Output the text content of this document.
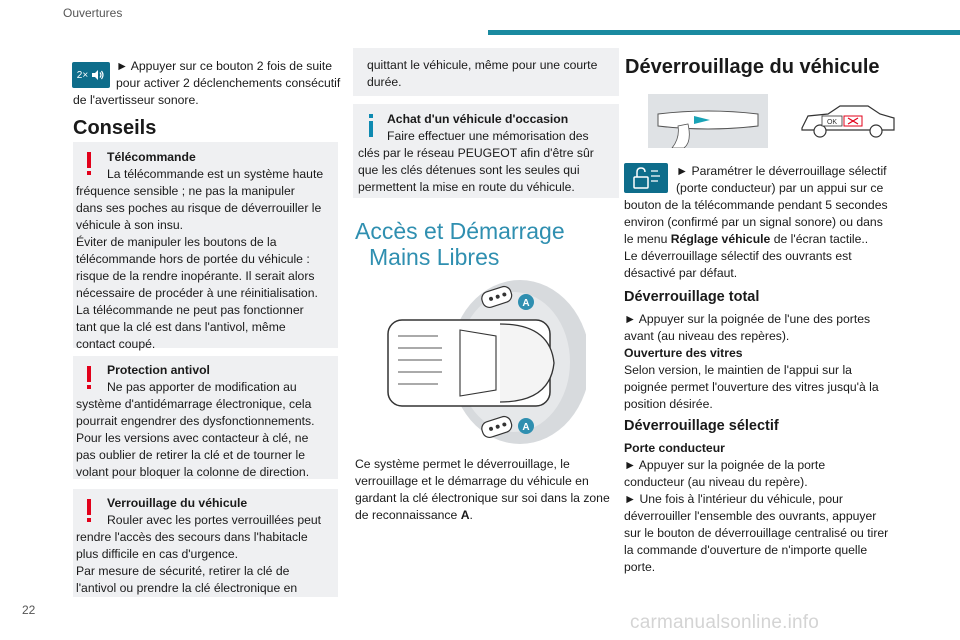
Ouvertures
2×
► Appuyer sur ce bouton 2 fois de suite
pour activer 2 déclenchements consécutif
de l'avertisseur sonore.
Conseils
Télécommande
La télécommande est un système haute
fréquence sensible ; ne pas la manipuler
dans ses poches au risque de déverrouiller le
véhicule à son insu.
Éviter de manipuler les boutons de la
télécommande hors de portée du véhicule :
risque de la rendre inopérante. Il serait alors
nécessaire de procéder à une réinitialisation.
La télécommande ne peut pas fonctionner
tant que la clé est dans l'antivol, même
contact coupé.
Protection antivol
Ne pas apporter de modification au
système d'antidémarrage électronique, cela
pourrait engendrer des dysfonctionnements.
Pour les versions avec contacteur à clé, ne
pas oublier de retirer la clé et de tourner le
volant pour bloquer la colonne de direction.
Verrouillage du véhicule
Rouler avec les portes verrouillées peut
rendre l'accès des secours dans l'habitacle
plus difficile en cas d'urgence.
Par mesure de sécurité, retirer la clé de
l'antivol ou prendre la clé électronique en
quittant le véhicule, même pour une courte
durée.
Achat d'un véhicule d'occasion
Faire effectuer une mémorisation des
clés par le réseau PEUGEOT afin d'être sûr
que les clés détenues sont les seules qui
permettent la mise en route du véhicule.
Accès et Démarrage
Mains Libres
A
A
Ce système permet le déverrouillage, le
verrouillage et le démarrage du véhicule en
gardant la clé électronique sur soi dans la zone
de reconnaissance A.
Déverrouillage du véhicule
OK
► Paramétrer le déverrouillage sélectif
(porte conducteur) par un appui sur ce
bouton de la télécommande pendant 5 secondes
environ (confirmé par un signal sonore) ou dans
le menu Réglage véhicule de l'écran tactile..
Le déverrouillage sélectif des ouvrants est
désactivé par défaut.
Déverrouillage total
► Appuyer sur la poignée de l'une des portes
avant (au niveau des repères).
Ouverture des vitres
Selon version, le maintien de l'appui sur la
poignée permet l'ouverture des vitres jusqu'à la
position désirée.
Déverrouillage sélectif
Porte conducteur
► Appuyer sur la poignée de la porte
conducteur (au niveau du repère).
► Une fois à l'intérieur du véhicule, pour
déverrouiller l'ensemble des ouvrants, appuyer
sur le bouton de déverrouillage centralisé ou tirer
la commande d'ouverture de n'importe quelle
porte.
22
carmanualsonline.info
